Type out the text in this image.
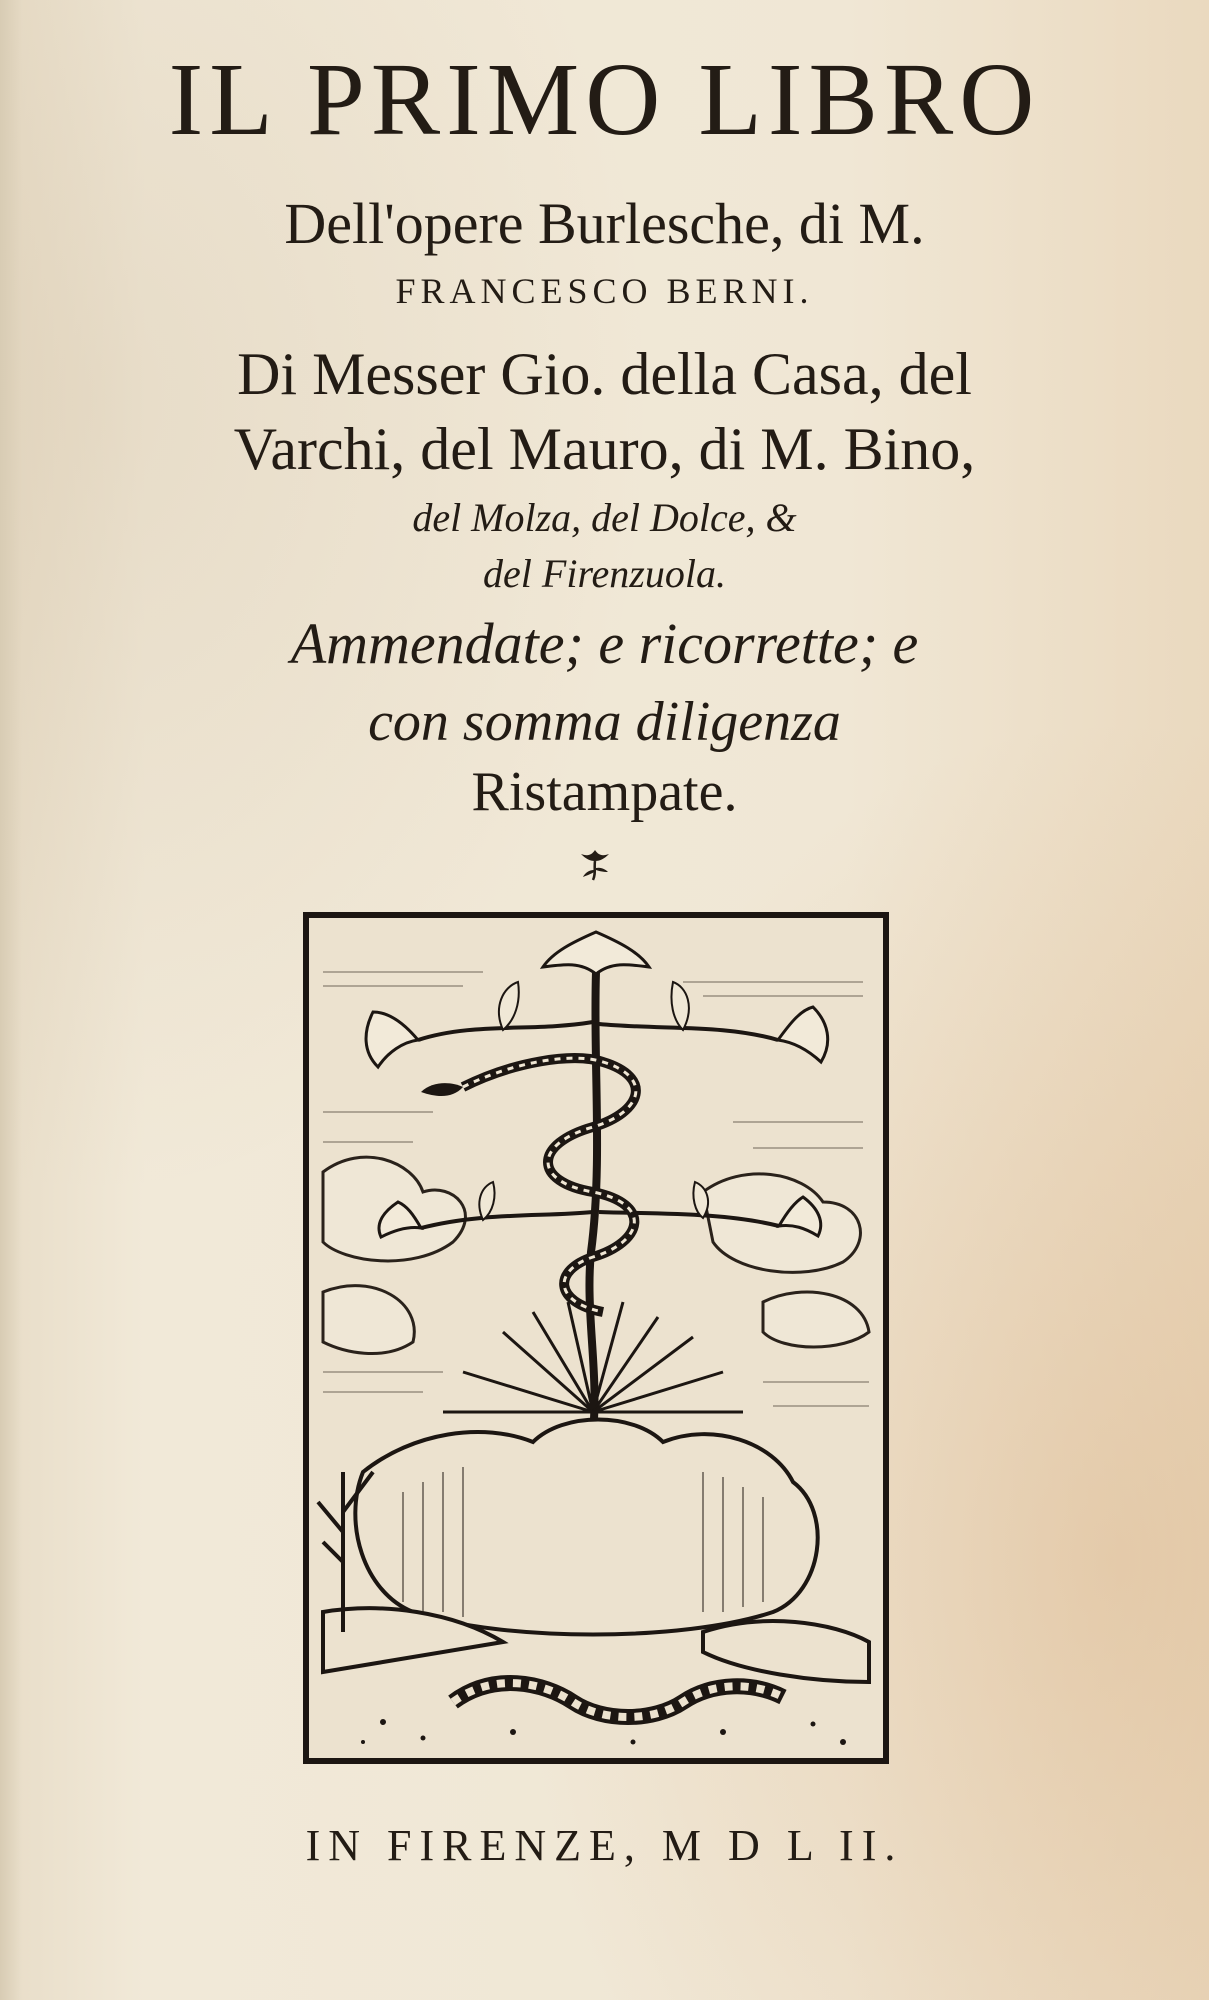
IL PRIMO LIBRO
Dell'opere Burlesche, di M.
FRANCESCO BERNI.
Di Messer Gio. della Casa, del
Varchi, del Mauro, di M. Bino,
del Molza, del Dolce, &
del Firenzuola.
Ammendate; e ricorrette; e
con somma diligenza
Ristampate.
IN FIRENZE, M D L II.
